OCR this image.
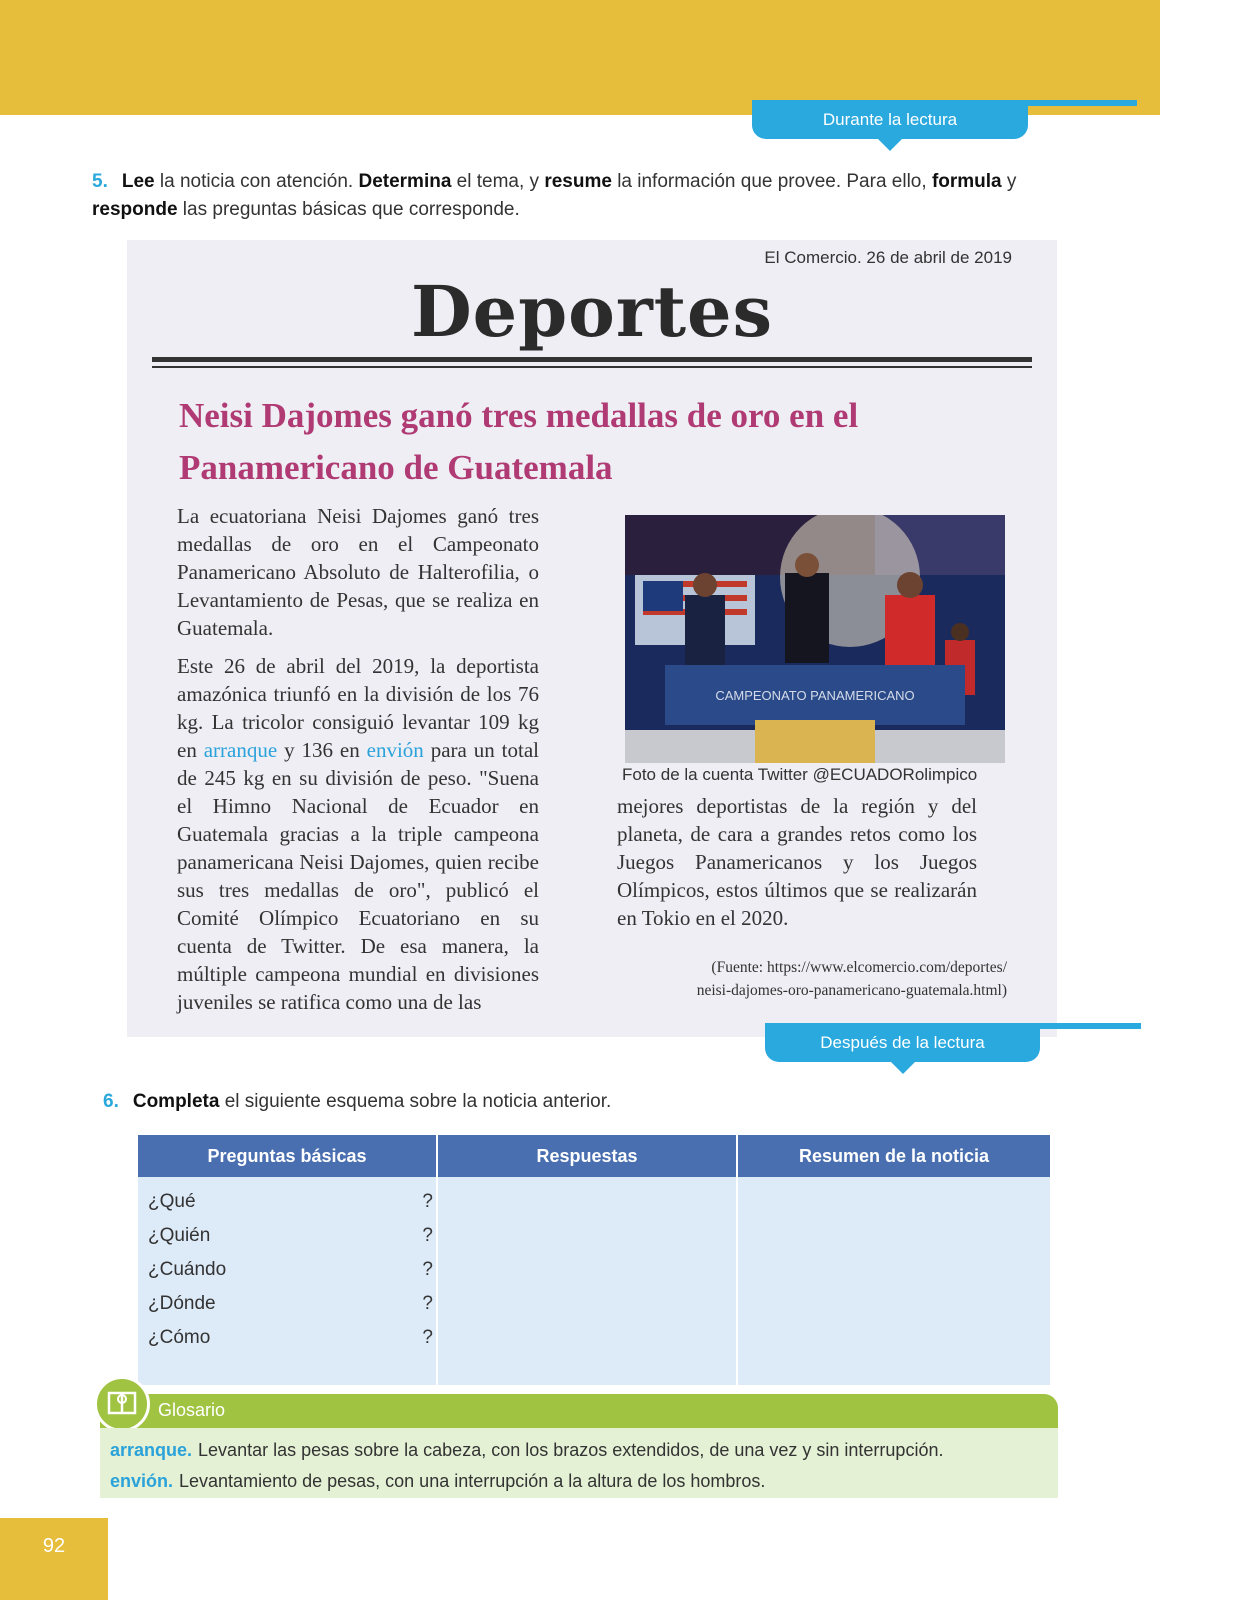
Durante la lectura
5. Lee la noticia con atención. Determina el tema, y resume la información que provee. Para ello, formula y responde las preguntas básicas que corresponde.
El Comercio. 26 de abril de 2019
Deportes
Neisi Dajomes ganó tres medallas de oro en el Panamericano de Guatemala

La ecuatoriana Neisi Dajomes ganó tres medallas de oro en el Campeonato Panamericano Absoluto de Halterofilia, o Levantamiento de Pesas, que se realiza en Guatemala.

Este 26 de abril del 2019, la deportista amazónica triunfó en la división de los 76 kg. La tricolor consiguió levantar 109 kg en arranque y 136 en envión para un total de 245 kg en su división de peso. "Suena el Himno Nacional de Ecuador en Guatemala gracias a la triple campeona panamericana Neisi Dajomes, quien recibe sus tres medallas de oro", publicó el Comité Olímpico Ecuatoriano en su cuenta de Twitter. De esa manera, la múltiple campeona mundial en divisiones juveniles se ratifica como una de las

CAMPEONATO PANAMERICANO
Foto de la cuenta Twitter @ECUADORolimpico

mejores deportistas de la región y del planeta, de cara a grandes retos como los Juegos Panamericanos y los Juegos Olímpicos, estos últimos que se realizarán en Tokio en el 2020.

(Fuente: https://www.elcomercio.com/deportes/
neisi-dajomes-oro-panamericano-guatemala.html)
Después de la lectura
6. Completa el siguiente esquema sobre la noticia anterior.
Preguntas básicas	Respuestas	Resumen de la noticia
¿Qué	?
¿Quién	?
¿Cuándo	?
¿Dónde	?
¿Cómo	?
Glosario
arranque. Levantar las pesas sobre la cabeza, con los brazos extendidos, de una vez y sin interrupción.
envión. Levantamiento de pesas, con una interrupción a la altura de los hombros.
92
